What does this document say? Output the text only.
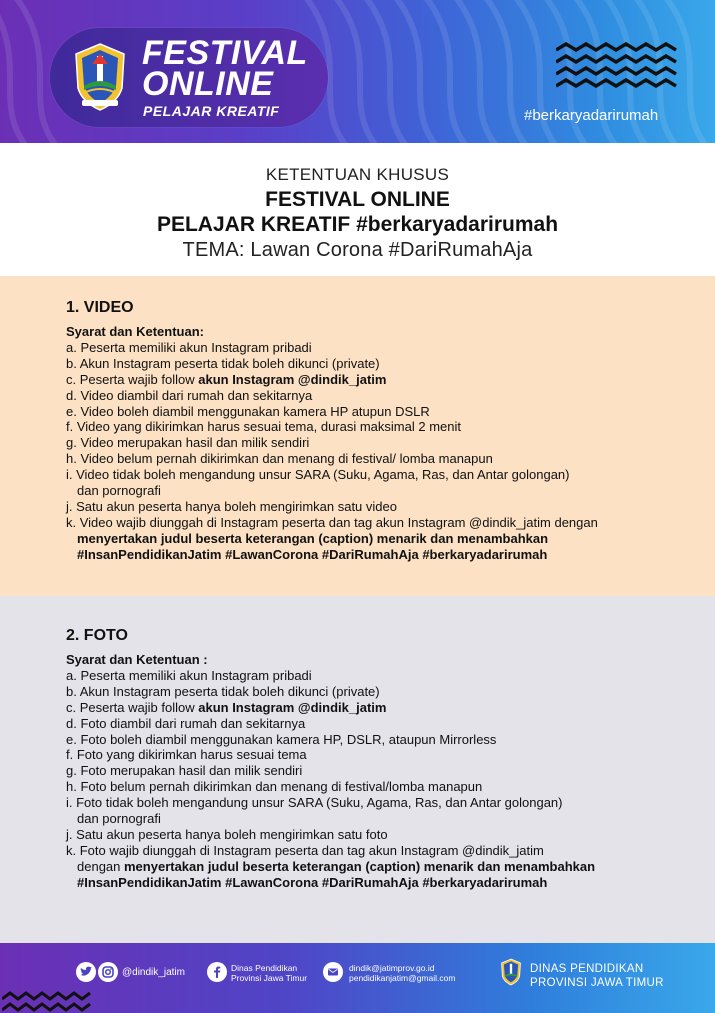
FESTIVAL
ONLINE
PELAJAR KREATIF	#berkaryadarirumah
KETENTUAN KHUSUS
FESTIVAL ONLINE
PELAJAR KREATIF #berkaryadarirumah
TEMA: Lawan Corona #DariRumahAja
1. VIDEO
Syarat dan Ketentuan:
a. Peserta memiliki akun Instagram pribadi
b. Akun Instagram peserta tidak boleh dikunci (private)
c. Peserta wajib follow akun Instagram @dindik_jatim
d. Video diambil dari rumah dan sekitarnya
e. Video boleh diambil menggunakan kamera HP atupun DSLR
f. Video yang dikirimkan harus sesuai tema, durasi maksimal 2 menit
g. Video merupakan hasil dan milik sendiri
h. Video belum pernah dikirimkan dan menang di festival/ lomba manapun
i. Video tidak boleh mengandung unsur SARA (Suku, Agama, Ras, dan Antar golongan)
dan pornografi
j. Satu akun peserta hanya boleh mengirimkan satu video
k. Video wajib diunggah di Instagram peserta dan tag akun Instagram @dindik_jatim dengan
menyertakan judul beserta keterangan (caption) menarik dan menambahkan
#InsanPendidikanJatim #LawanCorona #DariRumahAja #berkaryadarirumah
2. FOTO
Syarat dan Ketentuan :
a. Peserta memiliki akun Instagram pribadi
b. Akun Instagram peserta tidak boleh dikunci (private)
c. Peserta wajib follow akun Instagram @dindik_jatim
d. Foto diambil dari rumah dan sekitarnya
e. Foto boleh diambil menggunakan kamera HP, DSLR, ataupun Mirrorless
f. Foto yang dikirimkan harus sesuai tema
g. Foto merupakan hasil dan milik sendiri
h. Foto belum pernah dikirimkan dan menang di festival/lomba manapun
i. Foto tidak boleh mengandung unsur SARA (Suku, Agama, Ras, dan Antar golongan)
dan pornografi
j. Satu akun peserta hanya boleh mengirimkan satu foto
k. Foto wajib diunggah di Instagram peserta dan tag akun Instagram @dindik_jatim
dengan menyertakan judul beserta keterangan (caption) menarik dan menambahkan
#InsanPendidikanJatim #LawanCorona #DariRumahAja #berkaryadarirumah
@dindik_jatim	Dinas Pendidikan
Provinsi Jawa Timur
dindik@jatimprov.go.id
pendidikanjatim@gmail.com
DINAS PENDIDIKAN
PROVINSI JAWA TIMUR
